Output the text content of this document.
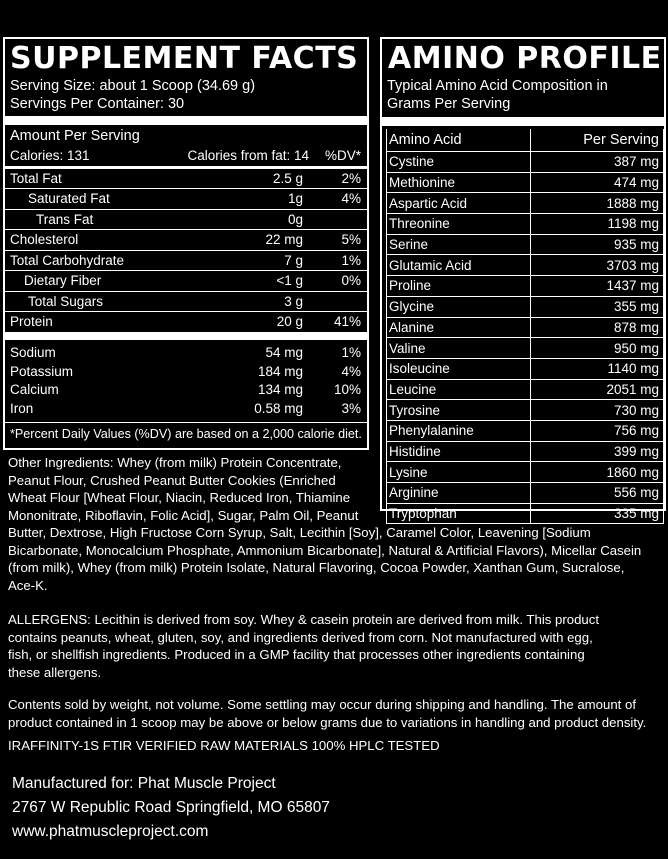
SUPPLEMENT FACTS
Serving Size: about 1 Scoop (34.69 g)
Servings Per Container: 30
Amount Per Serving
Calories: 131	Calories from fat: 14	%DV*
Total Fat	2.5 g	2%
Saturated Fat	1g	4%
Trans Fat	0g
Cholesterol	22 mg	5%
Total Carbohydrate	7 g	1%
Dietary Fiber	<1 g	0%
Total Sugars	3 g
Protein	20 g	41%
Sodium	54 mg	1%
Potassium	184 mg	4%
Calcium	134 mg	10%
Iron	0.58 mg	3%
*Percent Daily Values (%DV) are based on a 2,000 calorie diet.
AMINO PROFILE
Typical Amino Acid Composition in
Grams Per Serving
Amino Acid	Per Serving
Cystine	387 mg
Methionine	474 mg
Aspartic Acid	1888 mg
Threonine	1198 mg
Serine	935 mg
Glutamic Acid	3703 mg
Proline	1437 mg
Glycine	355 mg
Alanine	878 mg
Valine	950 mg
Isoleucine	1140 mg
Leucine	2051 mg
Tyrosine	730 mg
Phenylalanine	756 mg
Histidine	399 mg
Lysine	1860 mg
Arginine	556 mg
Tryptophan	335 mg
Other Ingredients: Whey (from milk) Protein Concentrate,
Peanut Flour, Crushed Peanut Butter Cookies (Enriched
Wheat Flour [Wheat Flour, Niacin, Reduced Iron, Thiamine
Mononitrate, Riboflavin, Folic Acid], Sugar, Palm Oil, Peanut
Butter, Dextrose, High Fructose Corn Syrup, Salt, Lecithin [Soy], Caramel Color, Leavening [Sodium
Bicarbonate, Monocalcium Phosphate, Ammonium Bicarbonate], Natural & Artificial Flavors), Micellar Casein
(from milk), Whey (from milk) Protein Isolate, Natural Flavoring, Cocoa Powder, Xanthan Gum, Sucralose,
Ace-K.
ALLERGENS: Lecithin is derived from soy. Whey & casein protein are derived from milk. This product
contains peanuts, wheat, gluten, soy, and ingredients derived from corn. Not manufactured with egg,
fish, or shellfish ingredients. Produced in a GMP facility that processes other ingredients containing
these allergens.
Contents sold by weight, not volume. Some settling may occur during shipping and handling. The amount of
product contained in 1 scoop may be above or below grams due to variations in handling and product density.
IRAFFINITY-1S FTIR VERIFIED RAW MATERIALS 100% HPLC TESTED
Manufactured for: Phat Muscle Project
2767 W Republic Road Springfield, MO 65807
www.phatmuscleproject.com
